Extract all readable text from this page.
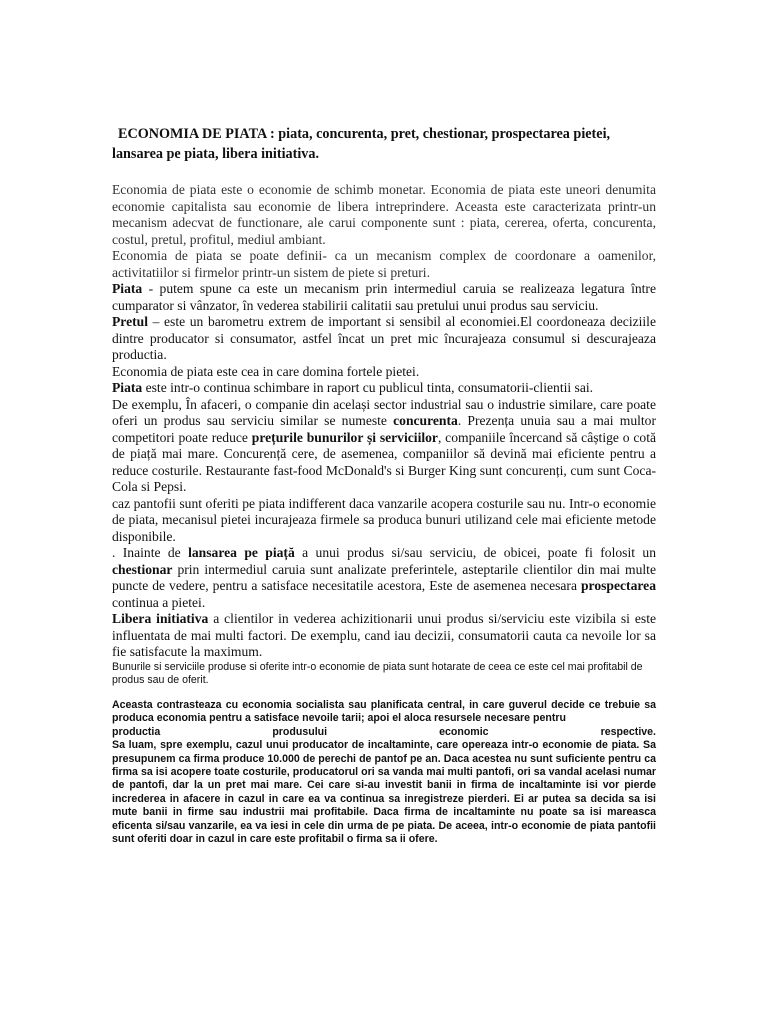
ECONOMIA DE PIATA : piata, concurenta, pret, chestionar, prospectarea pietei, lansarea pe piata, libera initiativa.

Economia de piata este o economie de schimb monetar. Economia de piata este uneori denumita economie capitalista sau economie de libera intreprindere. Aceasta este caracterizata printr-un mecanism adecvat de functionare, ale carui componente sunt : piata, cererea, oferta, concurenta, costul, pretul, profitul, mediul ambiant.

Economia de piata se poate definii- ca un mecanism complex de coordonare a oamenilor, activitatiilor si firmelor printr-un sistem de piete si preturi.

Piata - putem spune ca este un mecanism prin intermediul caruia se realizeaza legatura între cumparator si vânzator, în vederea stabilirii calitatii sau pretului unui produs sau serviciu.

Pretul – este un barometru extrem de important si sensibil al economiei.El coordoneaza deciziile dintre producator si consumator, astfel încat un pret mic încurajeaza consumul si descurajeaza productia.

Economia de piata este cea in care domina fortele pietei.

Piata este intr-o continua schimbare in raport cu publicul tinta, consumatorii-clientii sai.

De exemplu, În afaceri, o companie din același sector industrial sau o industrie similare, care poate oferi un produs sau serviciu similar se numeste concurenta. Prezența unuia sau a mai multor competitori poate reduce prețurile bunurilor și serviciilor, companiile încercand să câștige o cotă de piață mai mare. Concurență cere, de asemenea, companiilor să devină mai eficiente pentru a reduce costurile. Restaurante fast-food McDonald's si Burger King sunt concurenți, cum sunt Coca-Cola si Pepsi.

caz pantofii sunt oferiti pe piata indifferent daca vanzarile acopera costurile sau nu. Intr-o economie de piata, mecanisul pietei incurajeaza firmele sa produca bunuri utilizand cele mai eficiente metode disponibile.

. Inainte de lansarea pe piață a unui produs si/sau serviciu, de obicei, poate fi folosit un chestionar prin intermediul caruia sunt analizate preferintele, asteptarile clientilor din mai multe puncte de vedere, pentru a satisface necesitatile acestora, Este de asemenea necesara prospectarea continua a pietei.

Libera initiativa a clientilor in vederea achizitionarii unui produs si/serviciu este vizibila si este influentata de mai multi factori. De exemplu, cand iau decizii, consumatorii cauta ca nevoile lor sa fie satisfacute la maximum.

Bunurile si serviciile produse si oferite intr-o economie de piata sunt hotarate de ceea ce este cel mai profitabil de produs sau de oferit.

Aceasta contrasteaza cu economia socialista sau planificata central, in care guverul decide ce trebuie sa produca economia pentru a satisface nevoile tarii; apoi el aloca resursele necesare pentru

productia produsului economic respective.

Sa luam, spre exemplu, cazul unui producator de incaltaminte, care opereaza intr-o economie de piata. Sa presupunem ca firma produce 10.000 de perechi de pantof pe an. Daca acestea nu sunt suficiente pentru ca firma sa isi acopere toate costurile, producatorul ori sa vanda mai multi pantofi, ori sa vandal acelasi numar de pantofi, dar la un pret mai mare. Cei care si-au investit banii in firma de incaltaminte isi vor pierde increderea in afacere in cazul in care ea va continua sa inregistreze pierderi. Ei ar putea sa decida sa isi mute banii in firme sau industrii mai profitabile. Daca firma de incaltaminte nu poate sa isi mareasca eficenta si/sau vanzarile, ea va iesi in cele din urma de pe piata. De aceea, intr-o economie de piata pantofii sunt oferiti doar in cazul in care este profitabil o firma sa ii ofere.
